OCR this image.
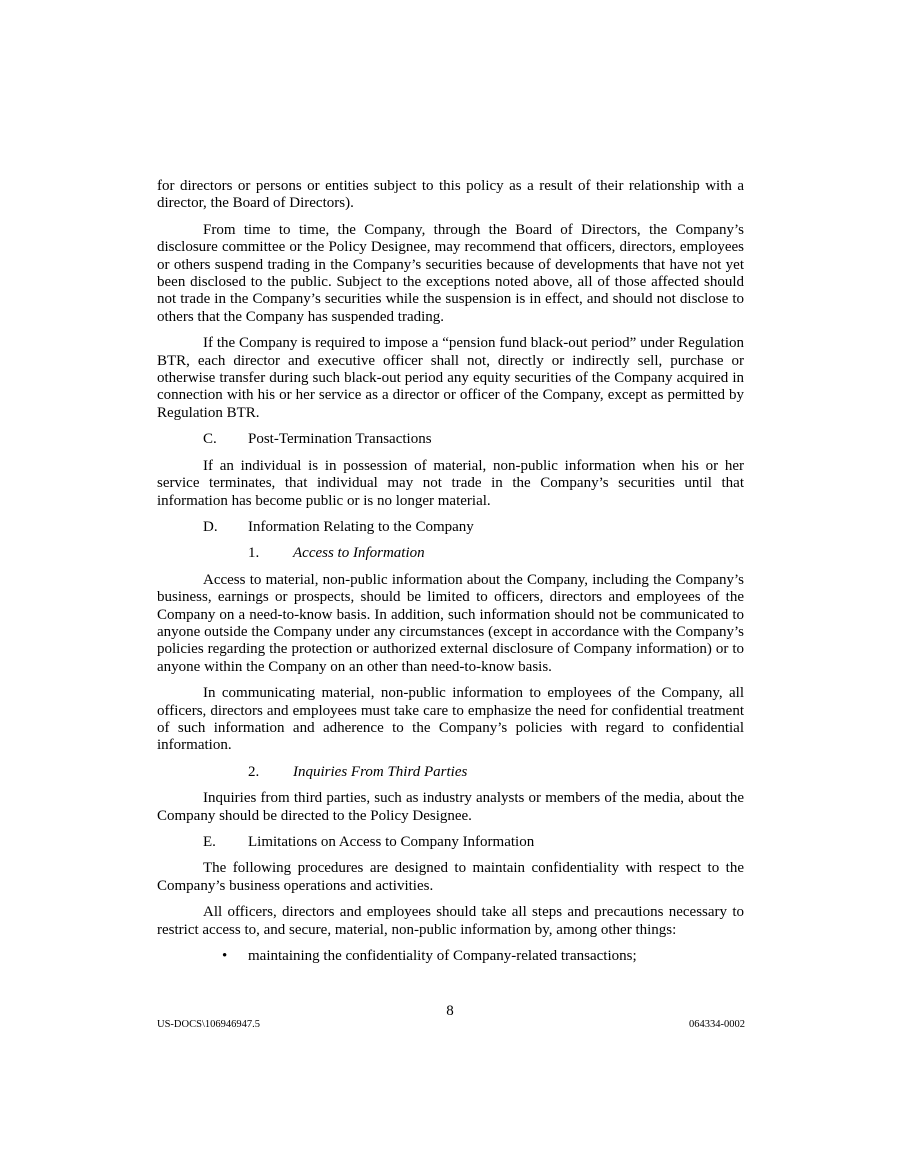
for directors or persons or entities subject to this policy as a result of their relationship with a director, the Board of Directors).

From time to time, the Company, through the Board of Directors, the Company’s disclosure committee or the Policy Designee, may recommend that officers, directors, employees or others suspend trading in the Company’s securities because of developments that have not yet been disclosed to the public. Subject to the exceptions noted above, all of those affected should not trade in the Company’s securities while the suspension is in effect, and should not disclose to others that the Company has suspended trading.

If the Company is required to impose a “pension fund black-out period” under Regulation BTR, each director and executive officer shall not, directly or indirectly sell, purchase or otherwise transfer during such black-out period any equity securities of the Company acquired in connection with his or her service as a director or officer of the Company, except as permitted by Regulation BTR.

C. Post-Termination Transactions

If an individual is in possession of material, non-public information when his or her service terminates, that individual may not trade in the Company’s securities until that information has become public or is no longer material.

D. Information Relating to the Company
1. Access to Information

Access to material, non-public information about the Company, including the Company’s business, earnings or prospects, should be limited to officers, directors and employees of the Company on a need-to-know basis. In addition, such information should not be communicated to anyone outside the Company under any circumstances (except in accordance with the Company’s policies regarding the protection or authorized external disclosure of Company information) or to anyone within the Company on an other than need-to-know basis.

In communicating material, non-public information to employees of the Company, all officers, directors and employees must take care to emphasize the need for confidential treatment of such information and adherence to the Company’s policies with regard to confidential information.

2. Inquiries From Third Parties

Inquiries from third parties, such as industry analysts or members of the media, about the Company should be directed to the Policy Designee.

E. Limitations on Access to Company Information

The following procedures are designed to maintain confidentiality with respect to the Company’s business operations and activities.

All officers, directors and employees should take all steps and precautions necessary to restrict access to, and secure, material, non-public information by, among other things:

• maintaining the confidentiality of Company-related transactions;
8
US-DOCS\106946947.5	064334-0002
